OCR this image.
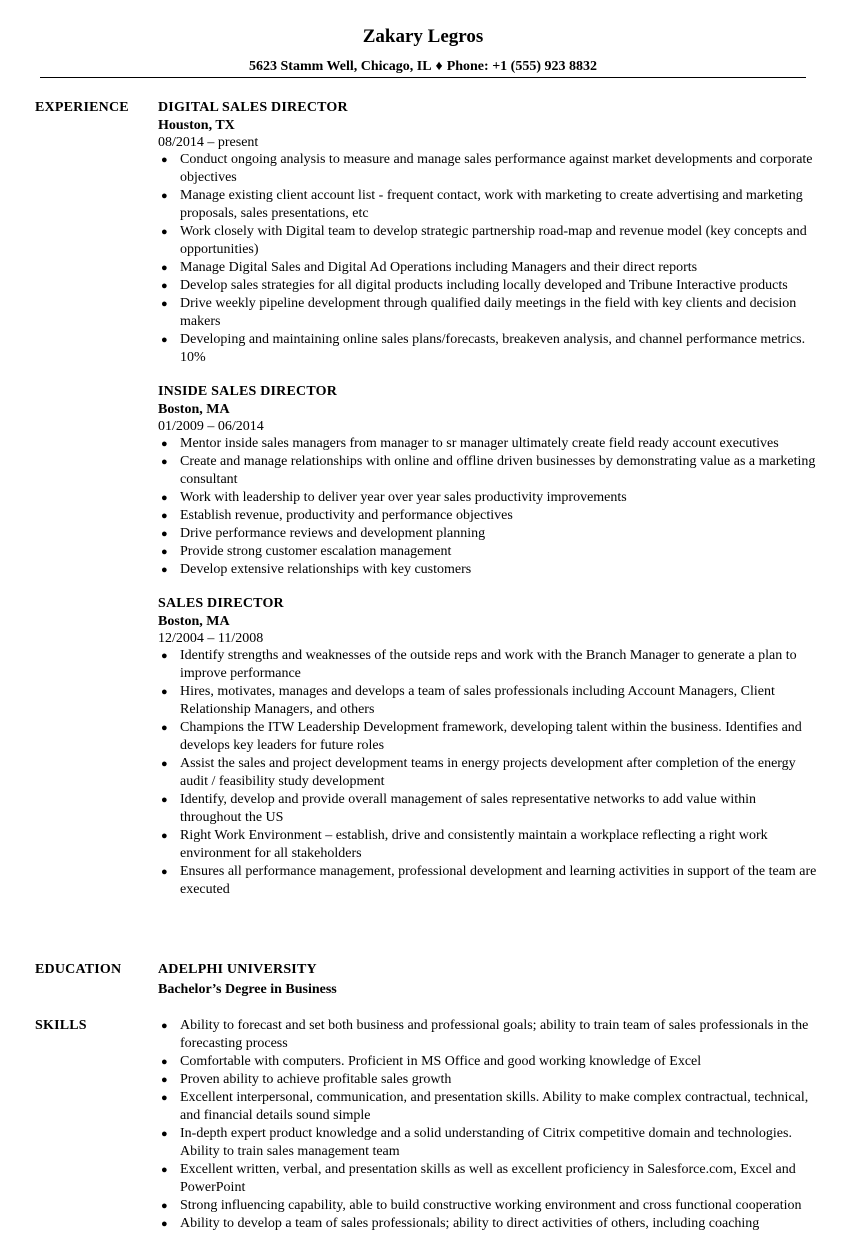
Zakary Legros
5623 Stamm Well, Chicago, IL ♦ Phone: +1 (555) 923 8832
EXPERIENCE DIGITAL SALES DIRECTOR
Houston, TX
08/2014 – present
● Conduct ongoing analysis to measure and manage sales performance against market developments and corporate objectives
● Manage existing client account list - frequent contact, work with marketing to create advertising and marketing proposals, sales presentations, etc
● Work closely with Digital team to develop strategic partnership road-map and revenue model (key concepts and opportunities)
● Manage Digital Sales and Digital Ad Operations including Managers and their direct reports
● Develop sales strategies for all digital products including locally developed and Tribune Interactive products
● Drive weekly pipeline development through qualified daily meetings in the field with key clients and decision makers
● Developing and maintaining online sales plans/forecasts, breakeven analysis, and channel performance metrics. 10%
INSIDE SALES DIRECTOR
Boston, MA
01/2009 – 06/2014
● Mentor inside sales managers from manager to sr manager ultimately create field ready account executives
● Create and manage relationships with online and offline driven businesses by demonstrating value as a marketing consultant
● Work with leadership to deliver year over year sales productivity improvements
● Establish revenue, productivity and performance objectives
● Drive performance reviews and development planning
● Provide strong customer escalation management
● Develop extensive relationships with key customers
SALES DIRECTOR
Boston, MA
12/2004 – 11/2008
● Identify strengths and weaknesses of the outside reps and work with the Branch Manager to generate a plan to improve performance
● Hires, motivates, manages and develops a team of sales professionals including Account Managers, Client Relationship Managers, and others
● Champions the ITW Leadership Development framework, developing talent within the business. Identifies and develops key leaders for future roles
● Assist the sales and project development teams in energy projects development after completion of the energy audit / feasibility study development
● Identify, develop and provide overall management of sales representative networks to add value within throughout the US
● Right Work Environment – establish, drive and consistently maintain a workplace reflecting a right work environment for all stakeholders
● Ensures all performance management, professional development and learning activities in support of the team are executed
EDUCATION	ADELPHI UNIVERSITY
Bachelor’s Degree in Business
SKILLS	● Ability to forecast and set both business and professional goals; ability to train team of sales professionals in the forecasting process
● Comfortable with computers. Proficient in MS Office and good working knowledge of Excel
● Proven ability to achieve profitable sales growth
● Excellent interpersonal, communication, and presentation skills. Ability to make complex contractual, technical, and financial details sound simple
● In-depth expert product knowledge and a solid understanding of Citrix competitive domain and technologies. Ability to train sales management team
● Excellent written, verbal, and presentation skills as well as excellent proficiency in Salesforce.com, Excel and PowerPoint
● Strong influencing capability, able to build constructive working environment and cross functional cooperation
● Ability to develop a team of sales professionals; ability to direct activities of others, including coaching
